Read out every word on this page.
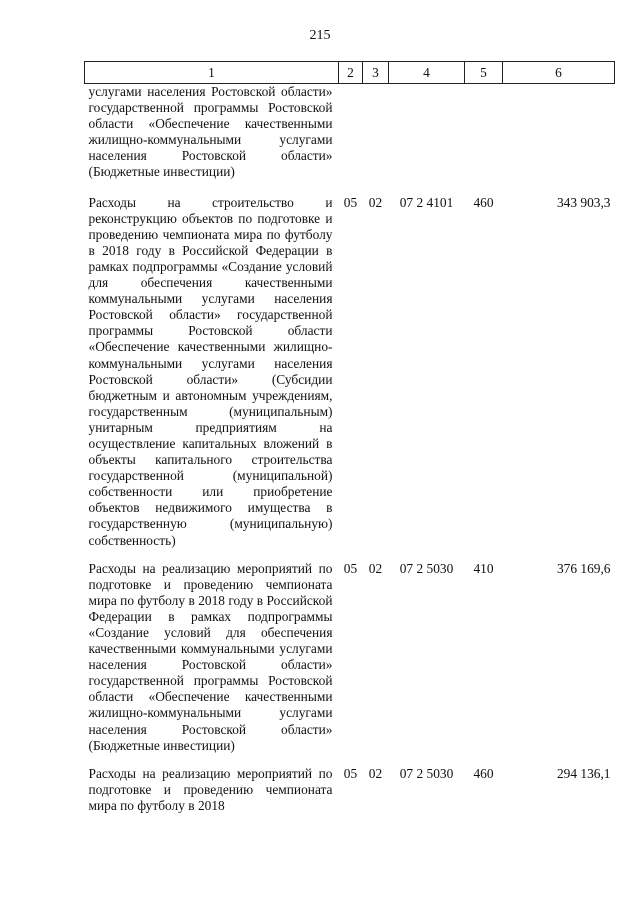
215
1	2	3	4	5	6
услугами населения Ростовской области» государственной программы Ростовской области «Обеспечение качественными жилищно-коммунальными услугами населения Ростовской области» (Бюджетные инвестиции)					
Расходы на строительство и реконструкцию объектов по подготовке и проведению чемпионата мира по футболу в 2018 году в Российской Федерации в рамках подпрограммы «Создание условий для обеспечения качественными коммунальными услугами населения Ростовской области» государственной программы Ростовской области «Обеспечение качественными жилищно-коммунальными услугами населения Ростовской области» (Субсидии бюджетным и автономным учреждениям, государственным (муниципальным) унитарным предприятиям на осуществление капитальных вложений в объекты капитального строительства государственной (муниципальной) собственности или приобретение объектов недвижимого имущества в государственную (муниципальную) собственность)	05	02	07 2 4101	460	343 903,3
Расходы на реализацию мероприятий по подготовке и проведению чемпионата мира по футболу в 2018 году в Российской Федерации в рамках подпрограммы «Создание условий для обеспечения качественными коммунальными услугами населения Ростовской области» государственной программы Ростовской области «Обеспечение качественными жилищно-коммунальными услугами населения Ростовской области» (Бюджетные инвестиции)	05	02	07 2 5030	410	376 169,6
Расходы на реализацию мероприятий по подготовке и проведению чемпионата мира по футболу в 2018	05	02	07 2 5030	460	294 136,1
